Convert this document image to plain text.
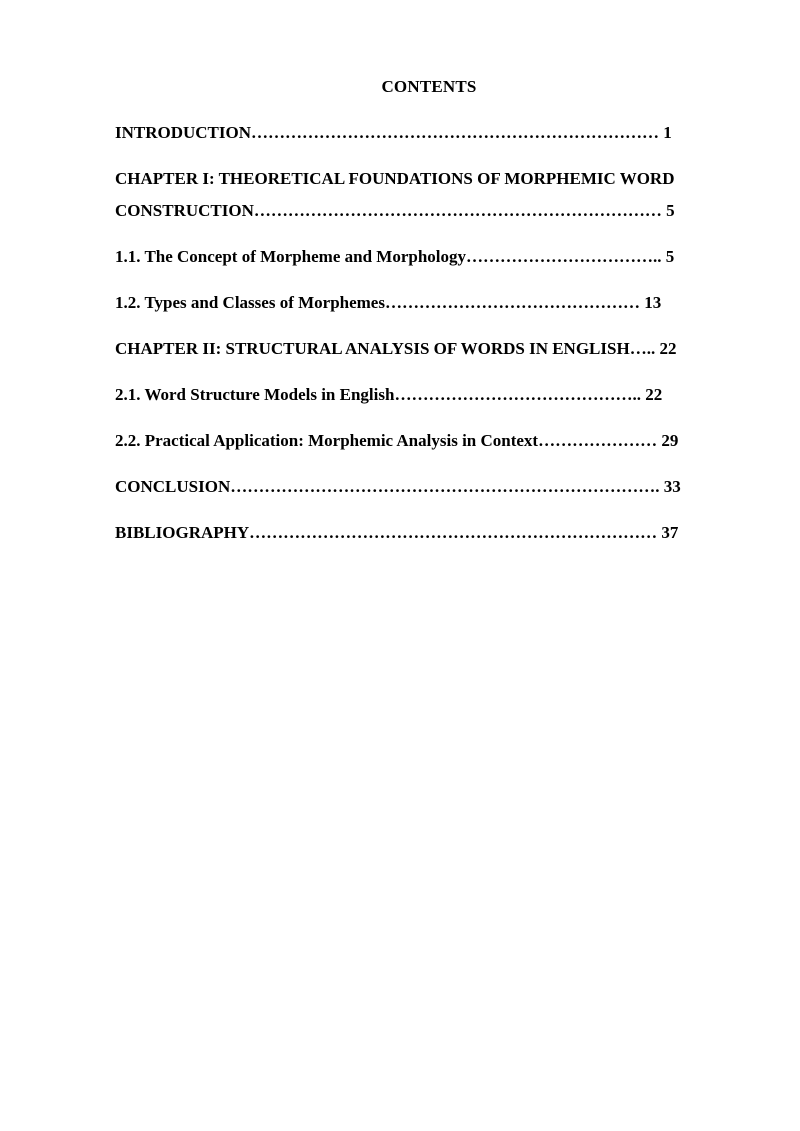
CONTENTS
INTRODUCTION……………………………………………………………… 1
CHAPTER I: THEORETICAL FOUNDATIONS OF MORPHEMIC WORD
CONSTRUCTION……………………………………………………………… 5
1.1. The Concept of Morpheme and Morphology…………………………….. 5
1.2. Types and Classes of Morphemes……………………………………… 13
CHAPTER II: STRUCTURAL ANALYSIS OF WORDS IN ENGLISH….. 22
2.1. Word Structure Models in English…………………………………….. 22
2.2. Practical Application: Morphemic Analysis in Context………………… 29
CONCLUSION…………………………………………………………………. 33
BIBLIOGRAPHY……………………………………………………………… 37
